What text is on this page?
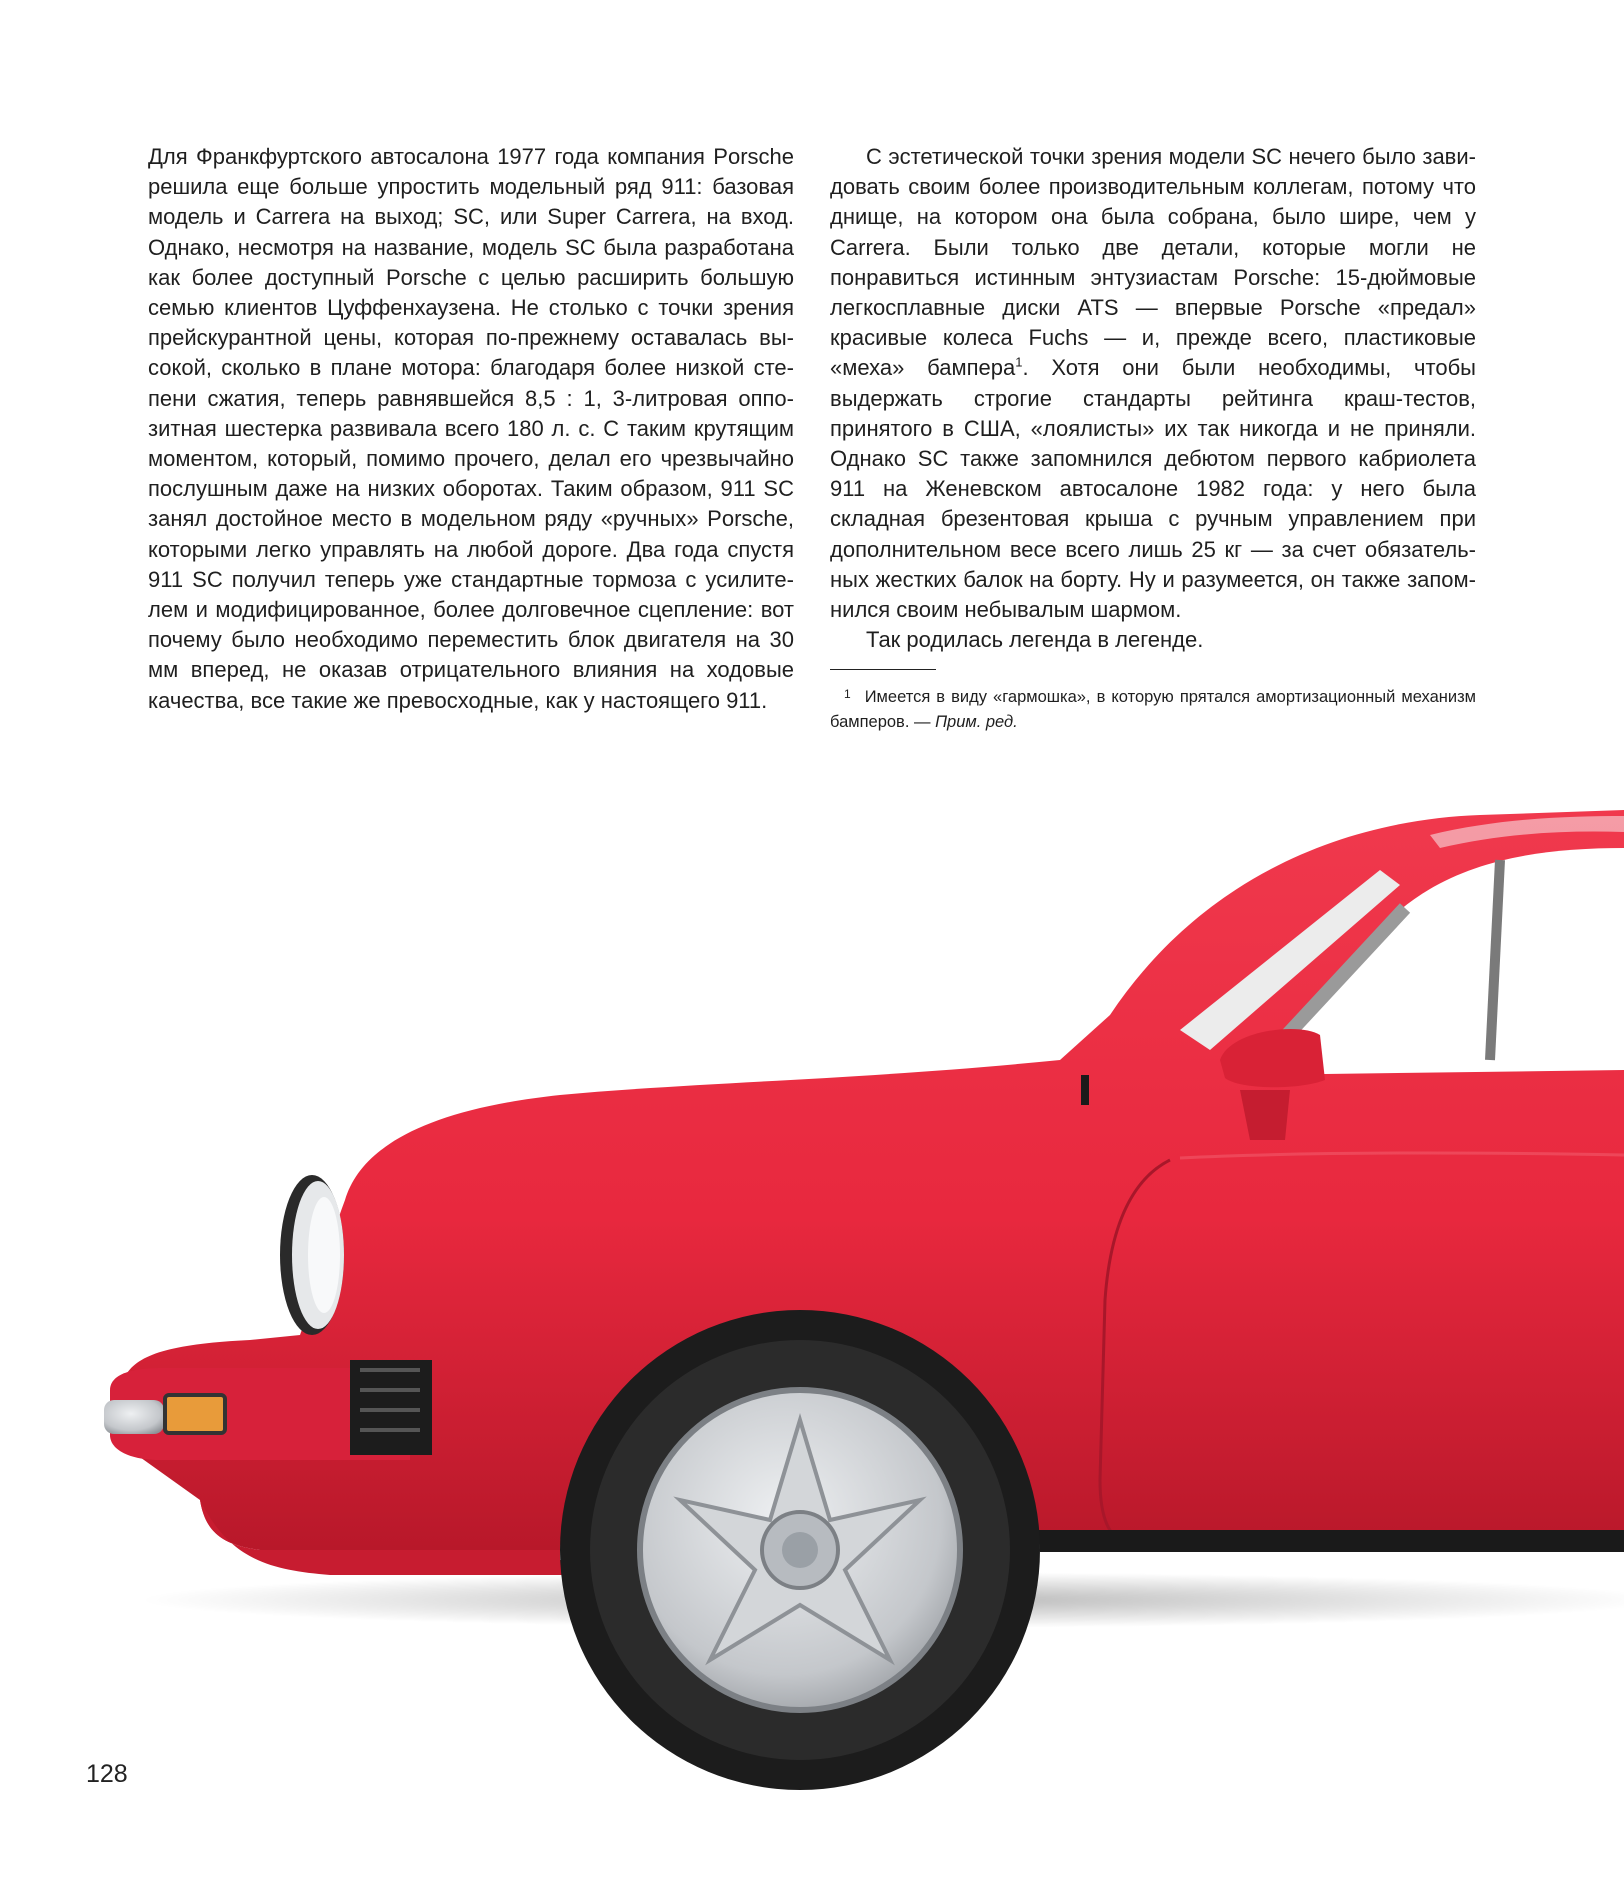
Для Франкфуртского автосалона 1977 года компания Porsche решила еще больше упростить модельный ряд 911: базовая модель и Carrera на выход; SC, или Super Carrera, на вход. Однако, несмотря на название, модель SC была разработана как более доступный Porsche с целью расширить большую семью клиентов Цуффенхаузена. Не столько с точки зрения прейскурантной цены, которая по-прежнему оставалась высокой, сколько в плане мотора: благодаря более низкой степени сжатия, теперь равнявшейся 8,5 : 1, 3-литровая оппозитная шестерка развивала всего 180 л. с. С таким крутящим моментом, который, помимо прочего, делал его чрезвычайно послушным даже на низких оборотах. Таким образом, 911 SC занял достойное место в модельном ряду «ручных» Porsche, которыми легко управлять на любой дороге. Два года спустя 911 SC получил теперь уже стандартные тормоза с усилителем и модифицированное, более долговечное сцепление: вот почему было необходимо переместить блок двигателя на 30 мм вперед, не оказав отрицательного влияния на ходовые качества, все такие же превосходные, как у настоящего 911.

С эстетической точки зрения модели SC нечего было завидовать своим более производительным коллегам, потому что днище, на котором она была собрана, было шире, чем у Carrera. Были только две детали, которые могли не понравиться истинным энтузиастам Porsche: 15-дюймовые легкосплавные диски ATS — впервые Porsche «предал» красивые колеса Fuchs — и, прежде всего, пластиковые «меха» бампера$^1$. Хотя они были необходимы, чтобы выдержать строгие стандарты рейтинга краш-тестов, принятого в США, «лоялисты» их так никогда и не приняли. Однако SC также запомнился дебютом первого кабриолета 911 на Женевском автосалоне 1982 года: у него была складная брезентовая крыша с ручным управлением при дополнительном весе всего лишь 25 кг — за счет обязательных жестких балок на борту. Ну и разумеется, он также запомнился своим небывалым шармом.

Так родилась легенда в легенде.

1 Имеется в виду «гармошка», в которую прятался амортизационный механизм бамперов. — Прим. ред.

128
